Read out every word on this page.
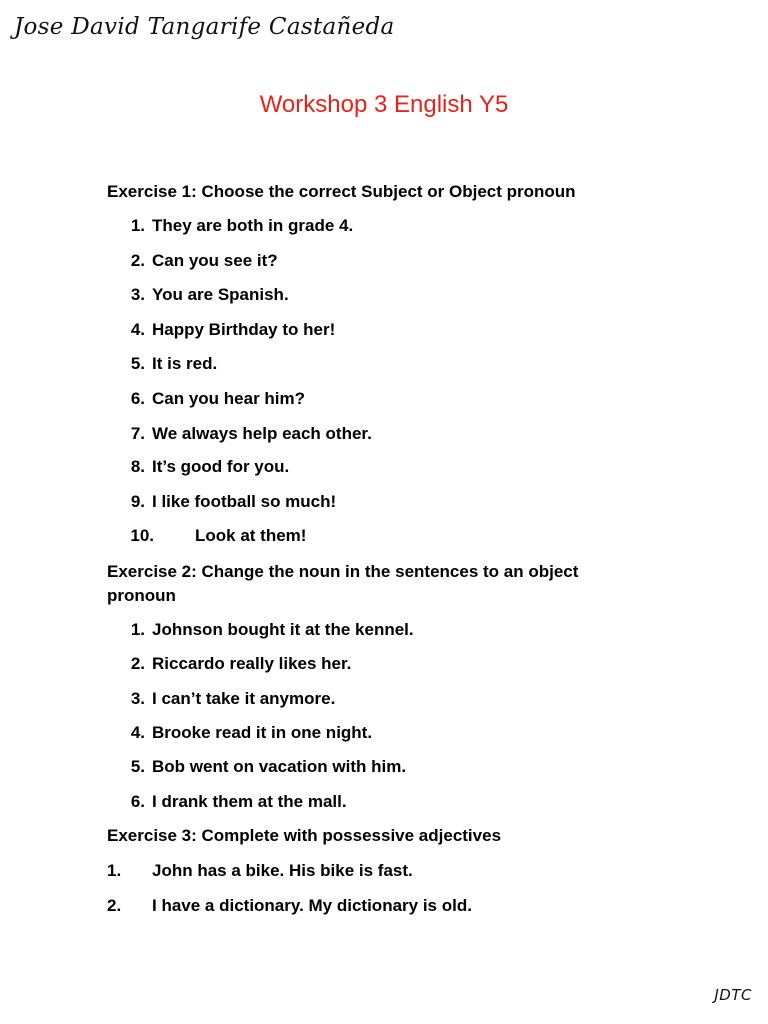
Jose David Tangarife Castañeda
Workshop 3 English Y5
Exercise 1: Choose the correct Subject or Object pronoun
1. They are both in grade 4.
2. Can you see it?
3. You are Spanish.
4. Happy Birthday to her!
5. It is red.
6. Can you hear him?
7. We always help each other.
8. It’s good for you.
9. I like football so much!
10. Look at them!
Exercise 2: Change the noun in the sentences to an object pronoun
1. Johnson bought it at the kennel.
2. Riccardo really likes her.
3. I can’t take it anymore.
4. Brooke read it in one night.
5. Bob went on vacation with him.
6. I drank them at the mall.
Exercise 3: Complete with possessive adjectives
1. John has a bike. His bike is fast.
2. I have a dictionary. My dictionary is old.
JDTC
